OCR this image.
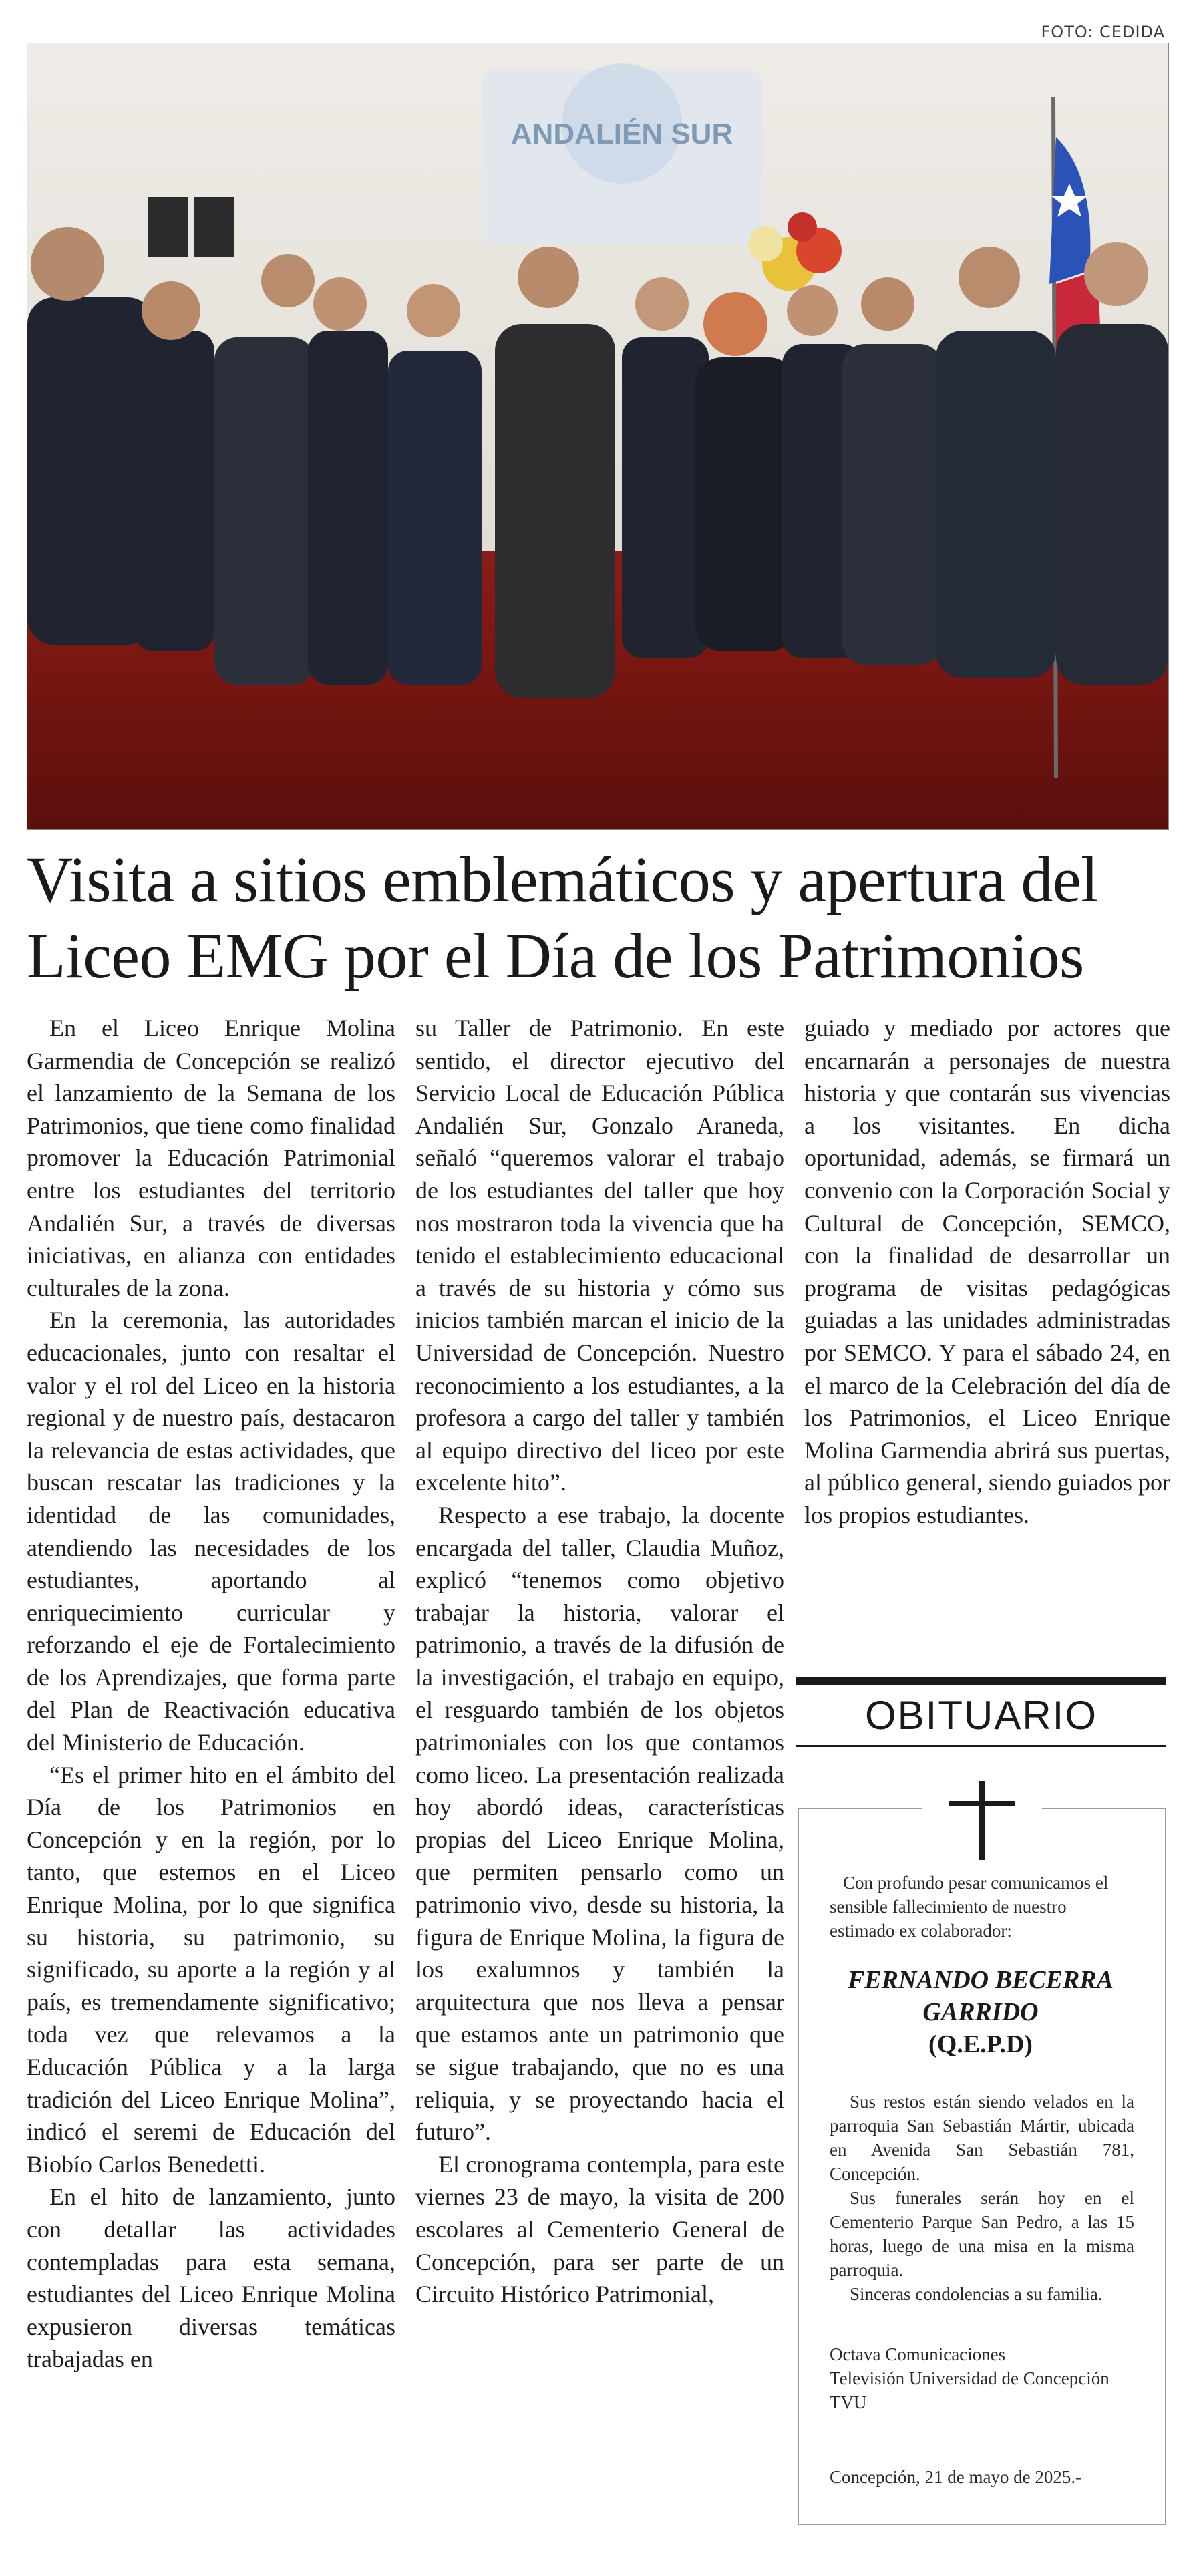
FOTO: CEDIDA
ANDALIÉN SUR
Visita a sitios emblemáticos y apertura del Liceo EMG por el Día de los Patrimonios

En el Liceo Enrique Molina Garmendia de Concepción se realizó el lanzamiento de la Semana de los Patrimonios, que tiene como finalidad promover la Educación Patrimonial entre los estudiantes del territorio Andalién Sur, a través de diversas iniciativas, en alianza con entidades culturales de la zona.

En la ceremonia, las autoridades educacionales, junto con resaltar el valor y el rol del Liceo en la historia regional y de nuestro país, destacaron la relevancia de estas actividades, que buscan rescatar las tradiciones y la identidad de las comunidades, atendiendo las necesidades de los estudiantes, aportando al enriquecimiento curricular y reforzando el eje de Fortalecimiento de los Aprendizajes, que forma parte del Plan de Reactivación educativa del Ministerio de Educación.

“Es el primer hito en el ámbito del Día de los Patrimonios en Concepción y en la región, por lo tanto, que estemos en el Liceo Enrique Molina, por lo que significa su historia, su patrimonio, su significado, su aporte a la región y al país, es tremendamente significativo; toda vez que relevamos a la Educación Pública y a la larga tradición del Liceo Enrique Molina”, indicó el seremi de Educación del Biobío Carlos Benedetti.

En el hito de lanzamiento, junto con detallar las actividades contempladas para esta semana, estudiantes del Liceo Enrique Molina expusieron diversas temáticas trabajadas en

su Taller de Patrimonio. En este sentido, el director ejecutivo del Servicio Local de Educación Pública Andalién Sur, Gonzalo Araneda, señaló “queremos valorar el trabajo de los estudiantes del taller que hoy nos mostraron toda la vivencia que ha tenido el establecimiento educacional a través de su historia y cómo sus inicios también marcan el inicio de la Universidad de Concepción. Nuestro reconocimiento a los estudiantes, a la profesora a cargo del taller y también al equipo directivo del liceo por este excelente hito”.

Respecto a ese trabajo, la docente encargada del taller, Claudia Muñoz, explicó “tenemos como objetivo trabajar la historia, valorar el patrimonio, a través de la difusión de la investigación, el trabajo en equipo, el resguardo también de los objetos patrimoniales con los que contamos como liceo. La presentación realizada hoy abordó ideas, características propias del Liceo Enrique Molina, que permiten pensarlo como un patrimonio vivo, desde su historia, la figura de Enrique Molina, la figura de los exalumnos y también la arquitectura que nos lleva a pensar que estamos ante un patrimonio que se sigue trabajando, que no es una reliquia, y se proyectando hacia el futuro”.

El cronograma contempla, para este viernes 23 de mayo, la visita de 200 escolares al Cementerio General de Concepción, para ser parte de un Circuito Histórico Patrimonial,

guiado y mediado por actores que encarnarán a personajes de nuestra historia y que contarán sus vivencias a los visitantes. En dicha oportunidad, además, se firmará un convenio con la Corporación Social y Cultural de Concepción, SEMCO, con la finalidad de desarrollar un programa de visitas pedagógicas guiadas a las unidades administradas por SEMCO. Y para el sábado 24, en el marco de la Celebración del día de los Patrimonios, el Liceo Enrique Molina Garmendia abrirá sus puertas, al público general, siendo guiados por los propios estudiantes.

OBITUARIO

Con profundo pesar comunicamos el sensible fallecimiento de nuestro estimado ex colaborador:

FERNANDO BECERRA GARRIDO
(Q.E.P.D)

Sus restos están siendo velados en la parroquia San Sebastián Mártir, ubicada en Avenida San Sebastián 781, Concepción.

Sus funerales serán hoy en el Cementerio Parque San Pedro, a las 15 horas, luego de una misa en la misma parroquia.

Sinceras condolencias a su familia.

Octava Comunicaciones
Televisión Universidad de Concepción
TVU
Concepción, 21 de mayo de 2025.-
